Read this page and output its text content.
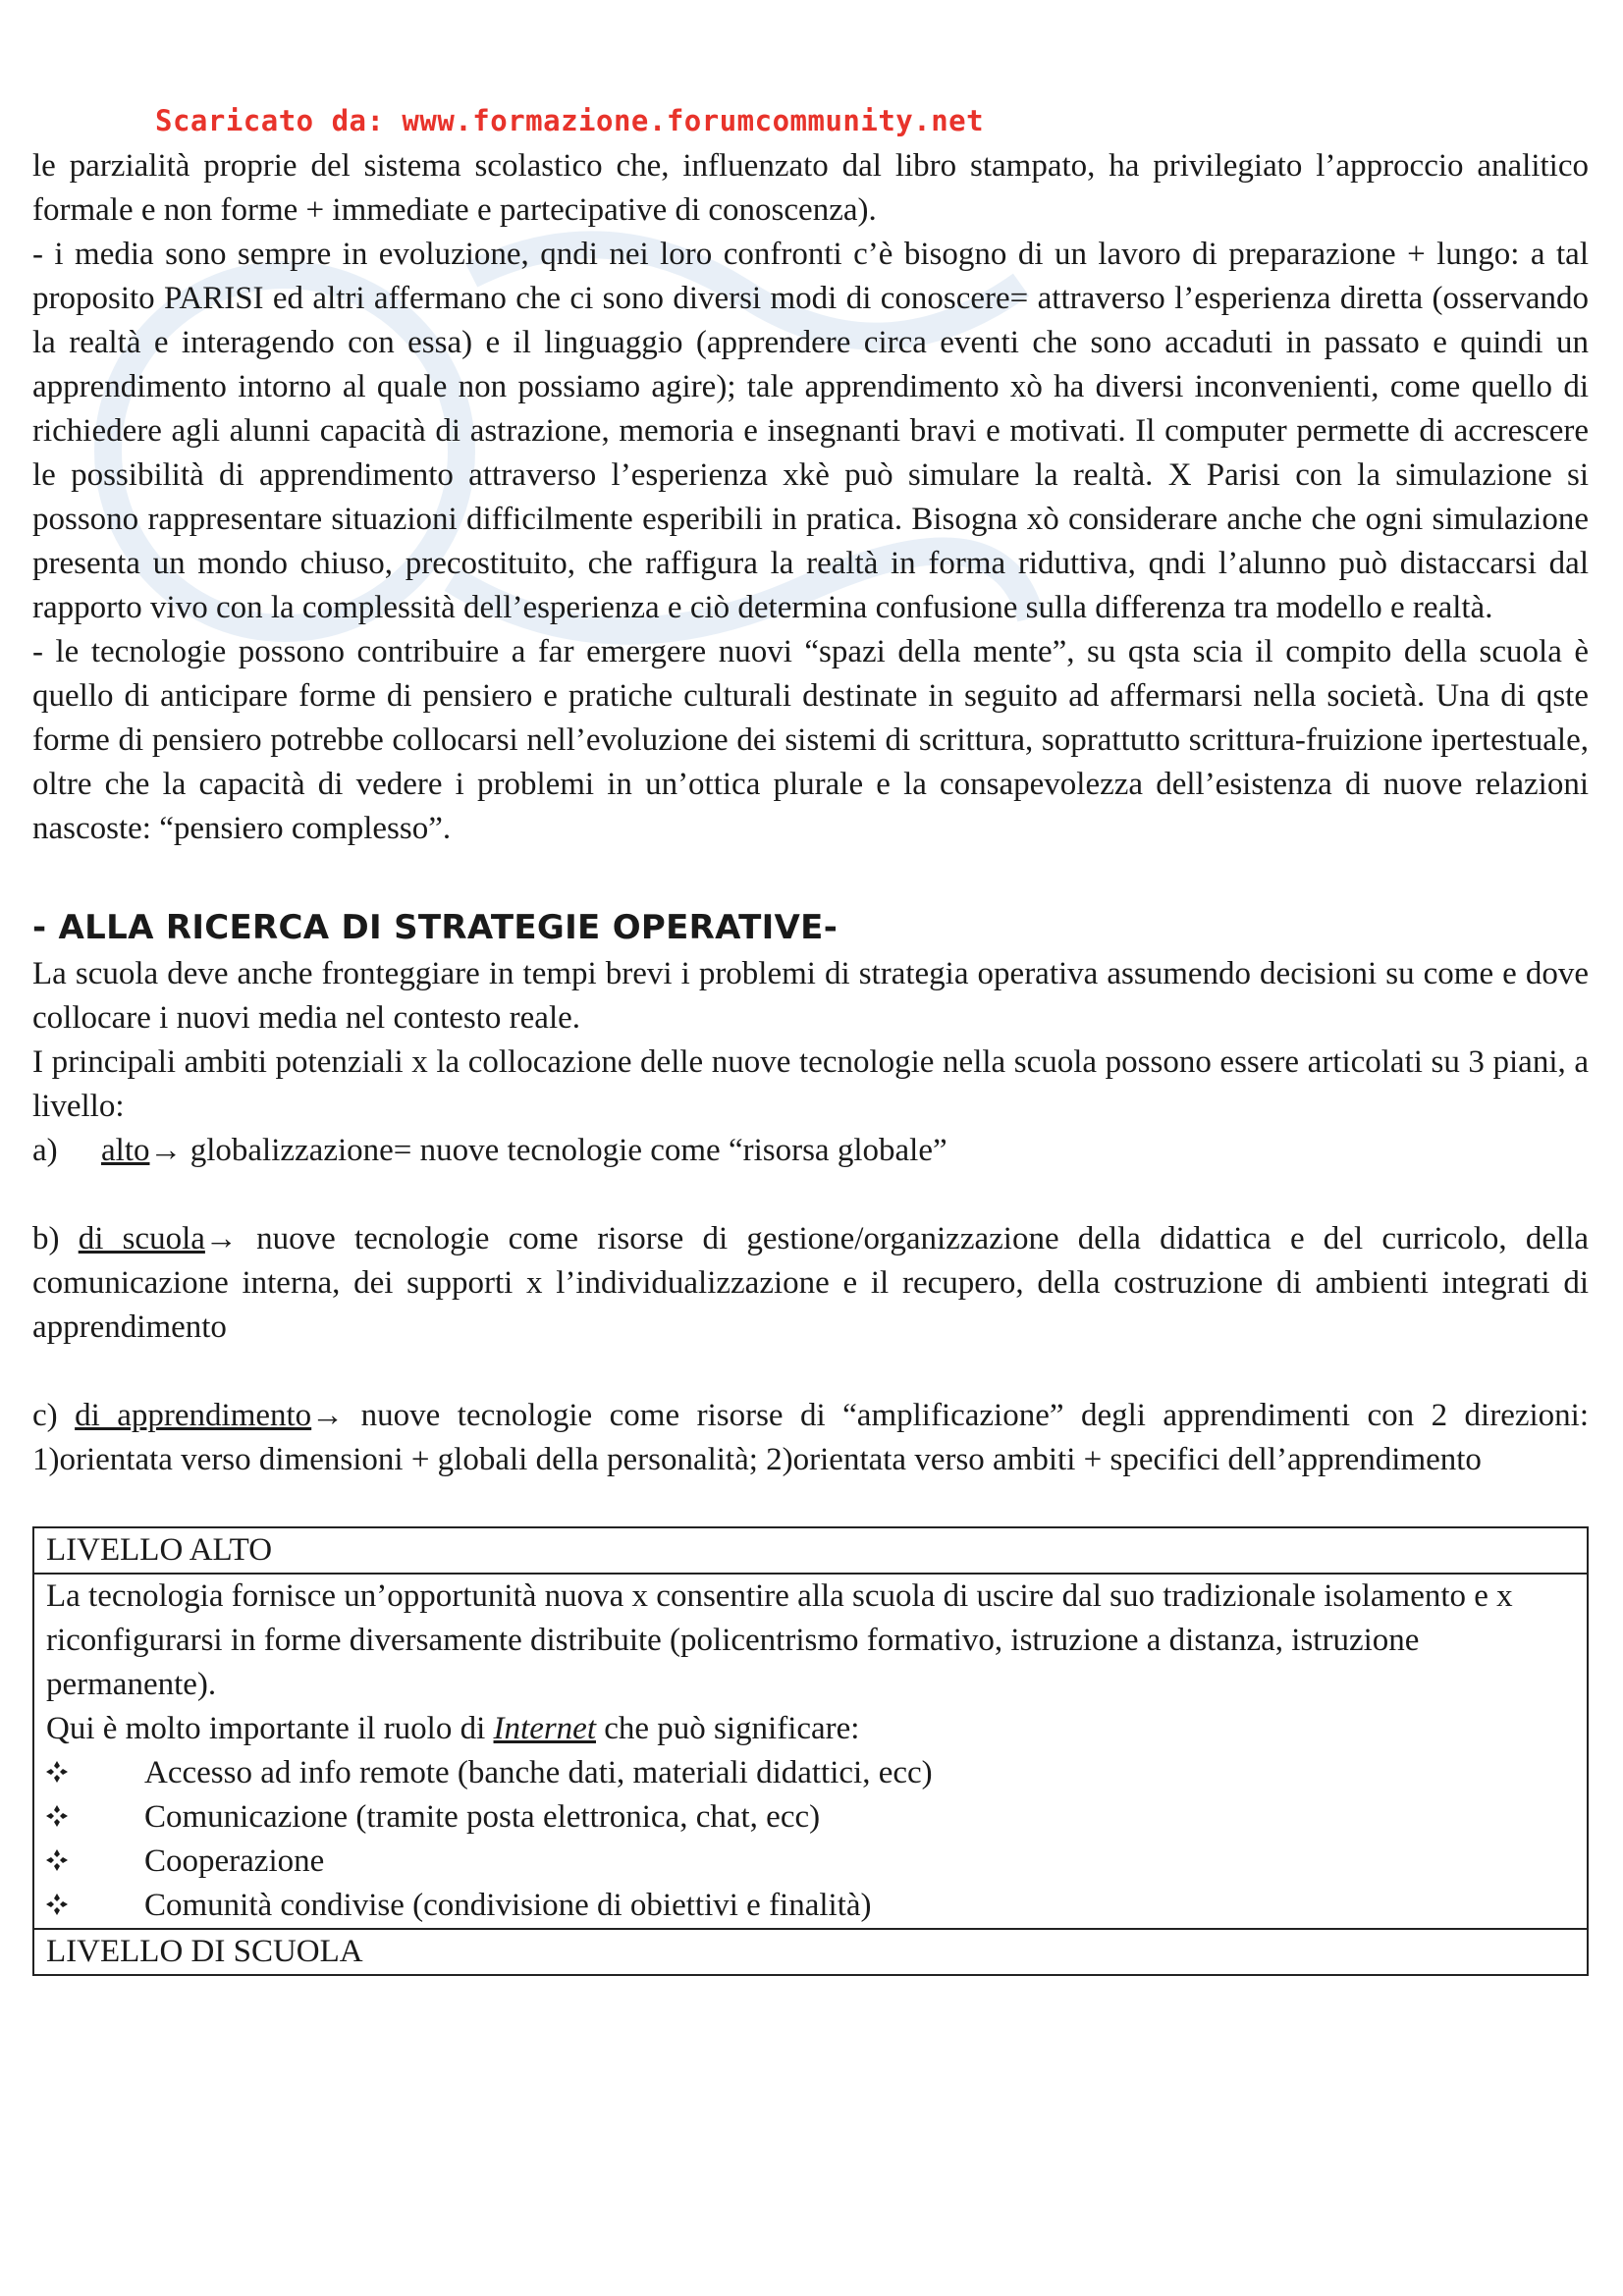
Scaricato da: www.formazione.forumcommunity.net

le parzialità proprie del sistema scolastico che, influenzato dal libro stampato, ha privilegiato l’approccio analitico formale e non forme + immediate e partecipative di conoscenza).

- i media sono sempre in evoluzione, qndi nei loro confronti c’è bisogno di un lavoro di preparazione + lungo: a tal proposito PARISI ed altri affermano che ci sono diversi modi di conoscere= attraverso l’esperienza diretta (osservando la realtà e interagendo con essa) e il linguaggio (apprendere circa eventi che sono accaduti in passato e quindi un apprendimento intorno al quale non possiamo agire); tale apprendimento xò ha diversi inconvenienti, come quello di richiedere agli alunni capacità di astrazione, memoria e insegnanti bravi e motivati. Il computer permette di accrescere le possibilità di apprendimento attraverso l’esperienza xkè può simulare la realtà. X Parisi con la simulazione si possono rappresentare situazioni difficilmente esperibili in pratica. Bisogna xò considerare anche che ogni simulazione presenta un mondo chiuso, precostituito, che raffigura la realtà in forma riduttiva, qndi l’alunno può distaccarsi dal rapporto vivo con la complessità dell’esperienza e ciò determina confusione sulla differenza tra modello e realtà.

- le tecnologie possono contribuire a far emergere nuovi “spazi della mente”, su qsta scia il compito della scuola è quello di anticipare forme di pensiero e pratiche culturali destinate in seguito ad affermarsi nella società. Una di qste forme di pensiero potrebbe collocarsi nell’evoluzione dei sistemi di scrittura, soprattutto scrittura-fruizione ipertestuale, oltre che la capacità di vedere i problemi in un’ottica plurale e la consapevolezza dell’esistenza di nuove relazioni nascoste: “pensiero complesso”.

- ALLA RICERCA DI STRATEGIE OPERATIVE-

La scuola deve anche fronteggiare in tempi brevi i problemi di strategia operativa assumendo decisioni su come e dove collocare i nuovi media nel contesto reale.

I principali ambiti potenziali x la collocazione delle nuove tecnologie nella scuola possono essere articolati su 3 piani, a livello:

a) alto→ globalizzazione= nuove tecnologie come “risorsa globale”

b) di scuola→ nuove tecnologie come risorse di gestione/organizzazione della didattica e del curricolo, della comunicazione interna, dei supporti x l’individualizzazione e il recupero, della costruzione di ambienti integrati di apprendimento

c) di apprendimento→ nuove tecnologie come risorse di “amplificazione” degli apprendimenti con 2 direzioni: 1)orientata verso dimensioni + globali della personalità; 2)orientata verso ambiti + specifici dell’apprendimento

LIVELLO ALTO

La tecnologia fornisce un’opportunità nuova x consentire alla scuola di uscire dal suo tradizionale isolamento e x riconfigurarsi in forme diversamente distribuite (policentrismo formativo, istruzione a distanza, istruzione permanente).
Qui è molto importante il ruolo di Internet che può significare:
Accesso ad info remote (banche dati, materiali didattici, ecc)
Comunicazione (tramite posta elettronica, chat, ecc)
Cooperazione
Comunità condivise (condivisione di obiettivi e finalità)

LIVELLO DI SCUOLA
